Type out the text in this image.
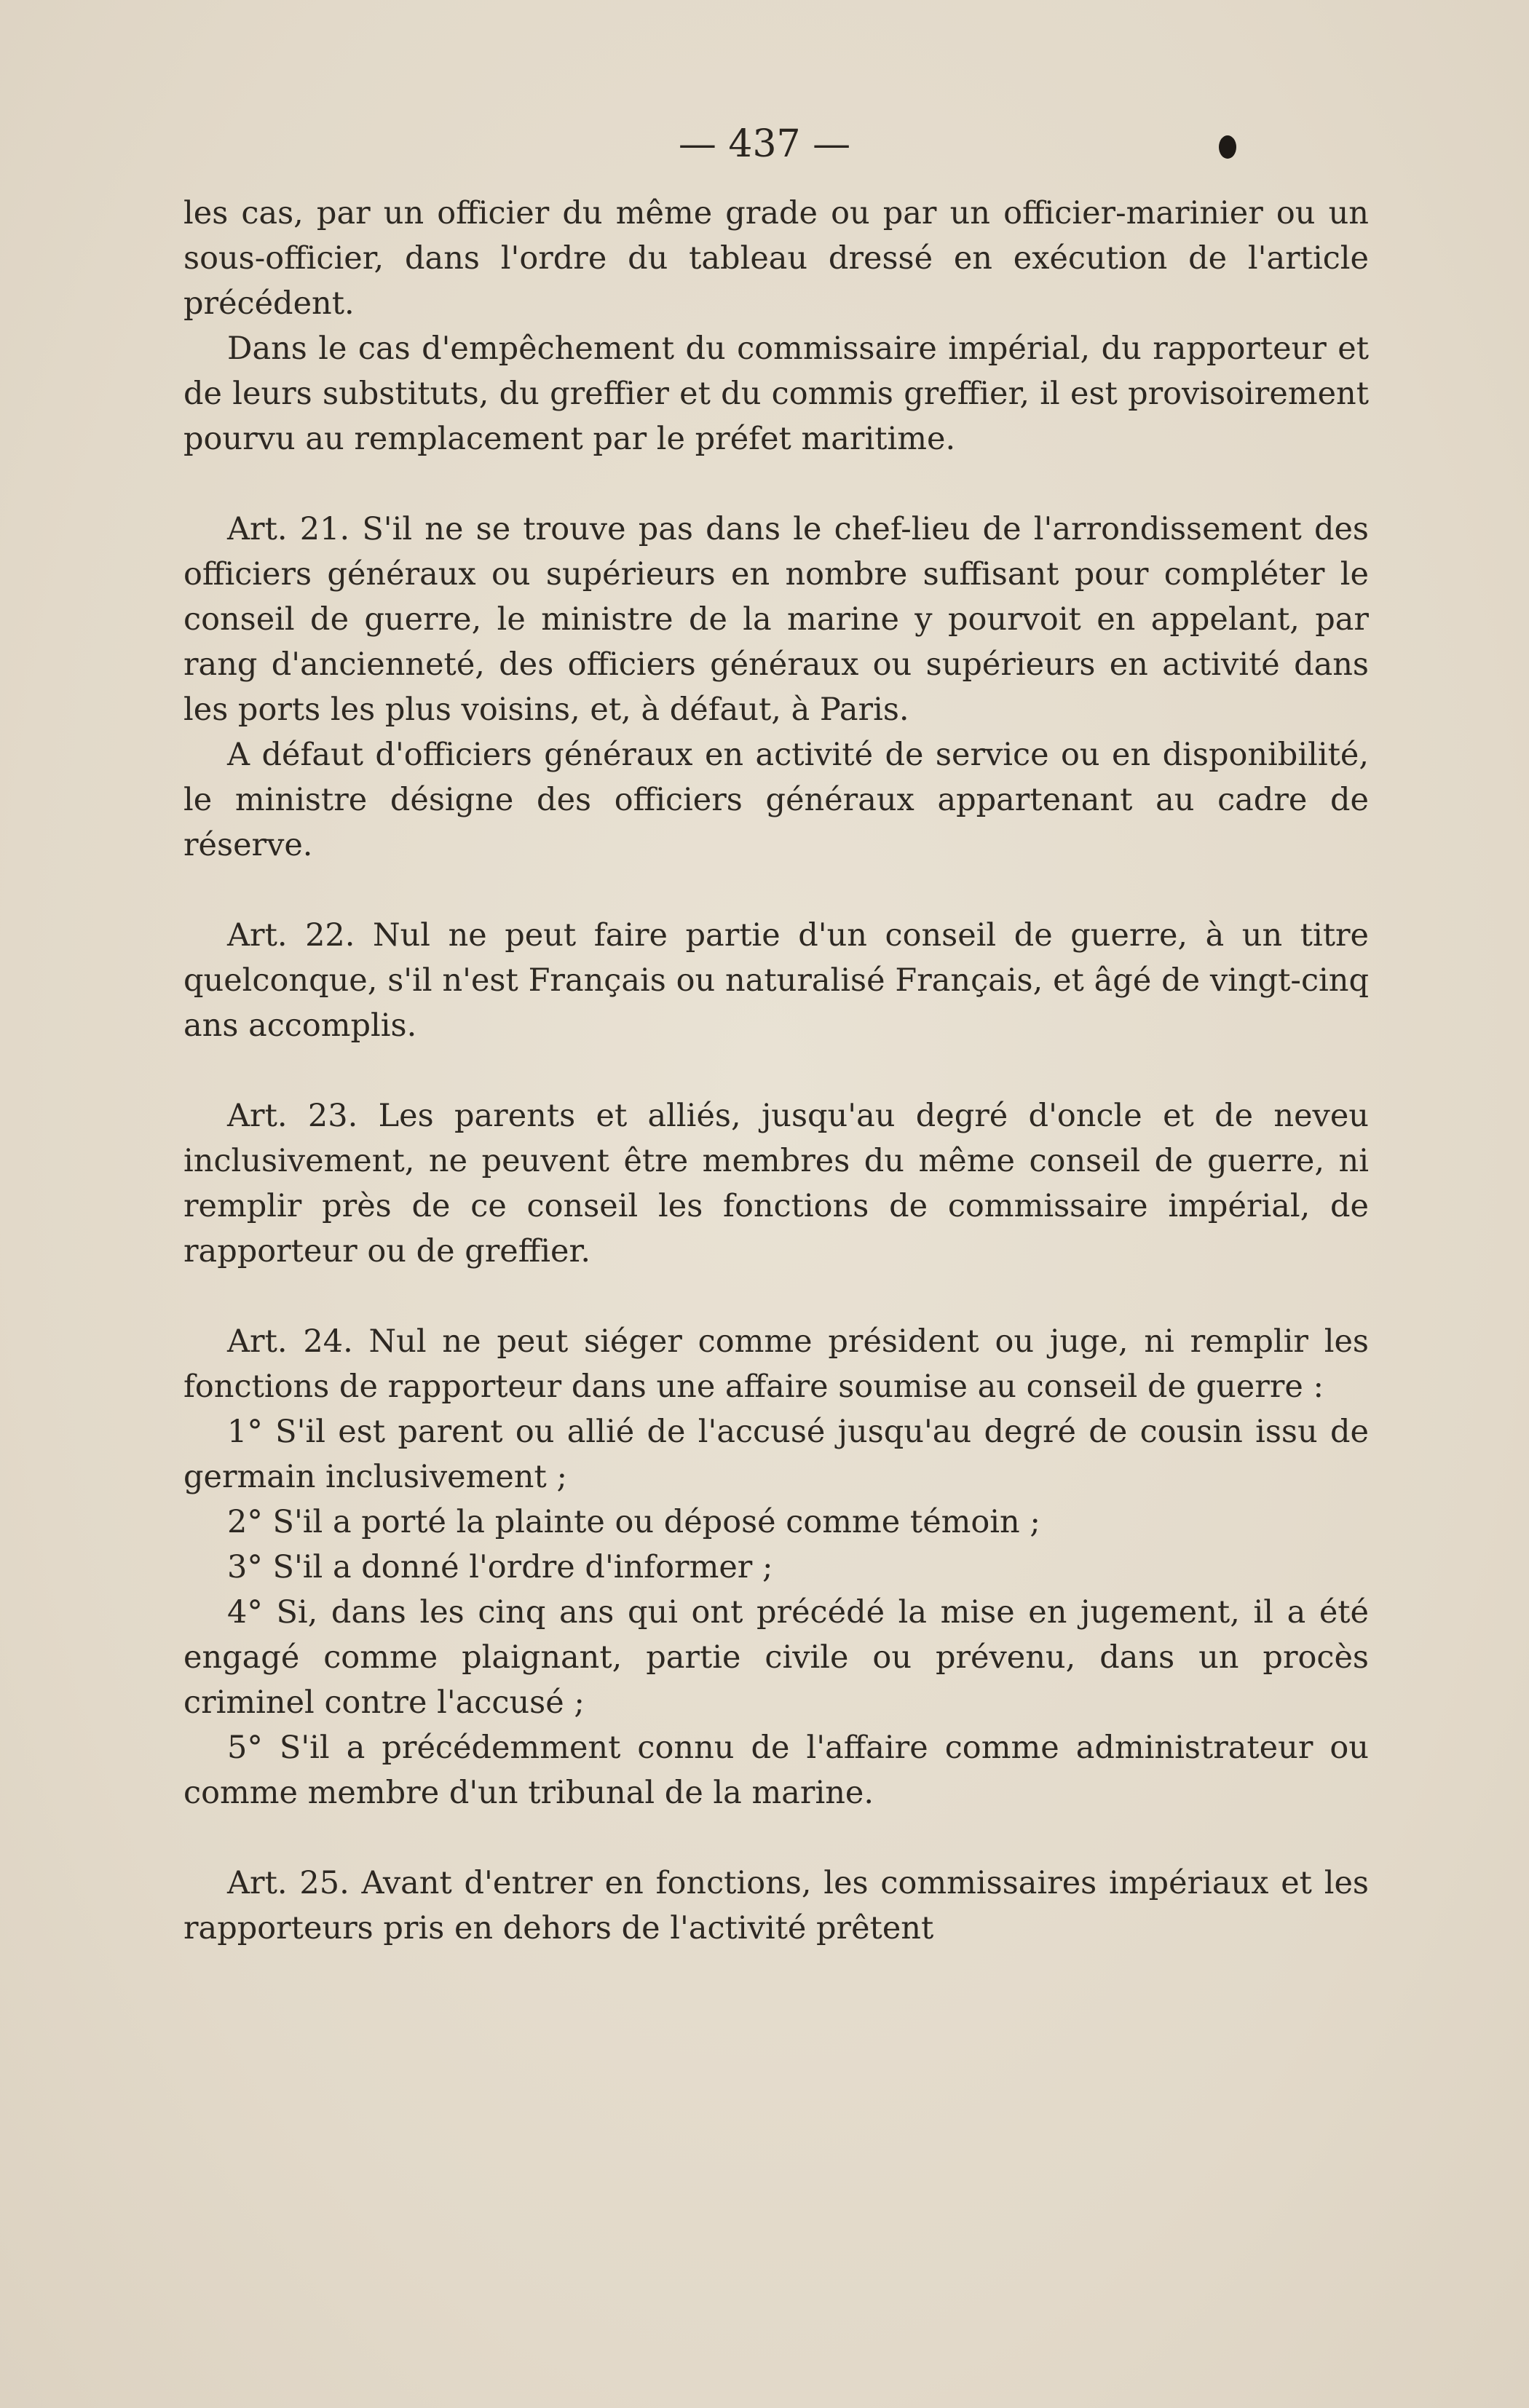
— 437 —

les cas, par un officier du même grade ou par un officier-marinier ou un sous-officier, dans l'ordre du tableau dressé en exécution de l'article précédent.

Dans le cas d'empêchement du commissaire impérial, du rapporteur et de leurs substituts, du greffier et du commis greffier, il est provisoirement pourvu au remplacement par le préfet maritime.

Art. 21. S'il ne se trouve pas dans le chef-lieu de l'arrondissement des officiers généraux ou supérieurs en nombre suffisant pour compléter le conseil de guerre, le ministre de la marine y pourvoit en appelant, par rang d'ancienneté, des officiers généraux ou supérieurs en activité dans les ports les plus voisins, et, à défaut, à Paris.

A défaut d'officiers généraux en activité de service ou en disponibilité, le ministre désigne des officiers généraux appartenant au cadre de réserve.

Art. 22. Nul ne peut faire partie d'un conseil de guerre, à un titre quelconque, s'il n'est Français ou naturalisé Français, et âgé de vingt-cinq ans accomplis.

Art. 23. Les parents et alliés, jusqu'au degré d'oncle et de neveu inclusivement, ne peuvent être membres du même conseil de guerre, ni remplir près de ce conseil les fonctions de commissaire impérial, de rapporteur ou de greffier.

Art. 24. Nul ne peut siéger comme président ou juge, ni remplir les fonctions de rapporteur dans une affaire soumise au conseil de guerre :

1° S'il est parent ou allié de l'accusé jusqu'au degré de cousin issu de germain inclusivement ;

2° S'il a porté la plainte ou déposé comme témoin ;

3° S'il a donné l'ordre d'informer ;

4° Si, dans les cinq ans qui ont précédé la mise en jugement, il a été engagé comme plaignant, partie civile ou prévenu, dans un procès criminel contre l'accusé ;

5° S'il a précédemment connu de l'affaire comme administrateur ou comme membre d'un tribunal de la marine.

Art. 25. Avant d'entrer en fonctions, les commissaires impériaux et les rapporteurs pris en dehors de l'activité prêtent
